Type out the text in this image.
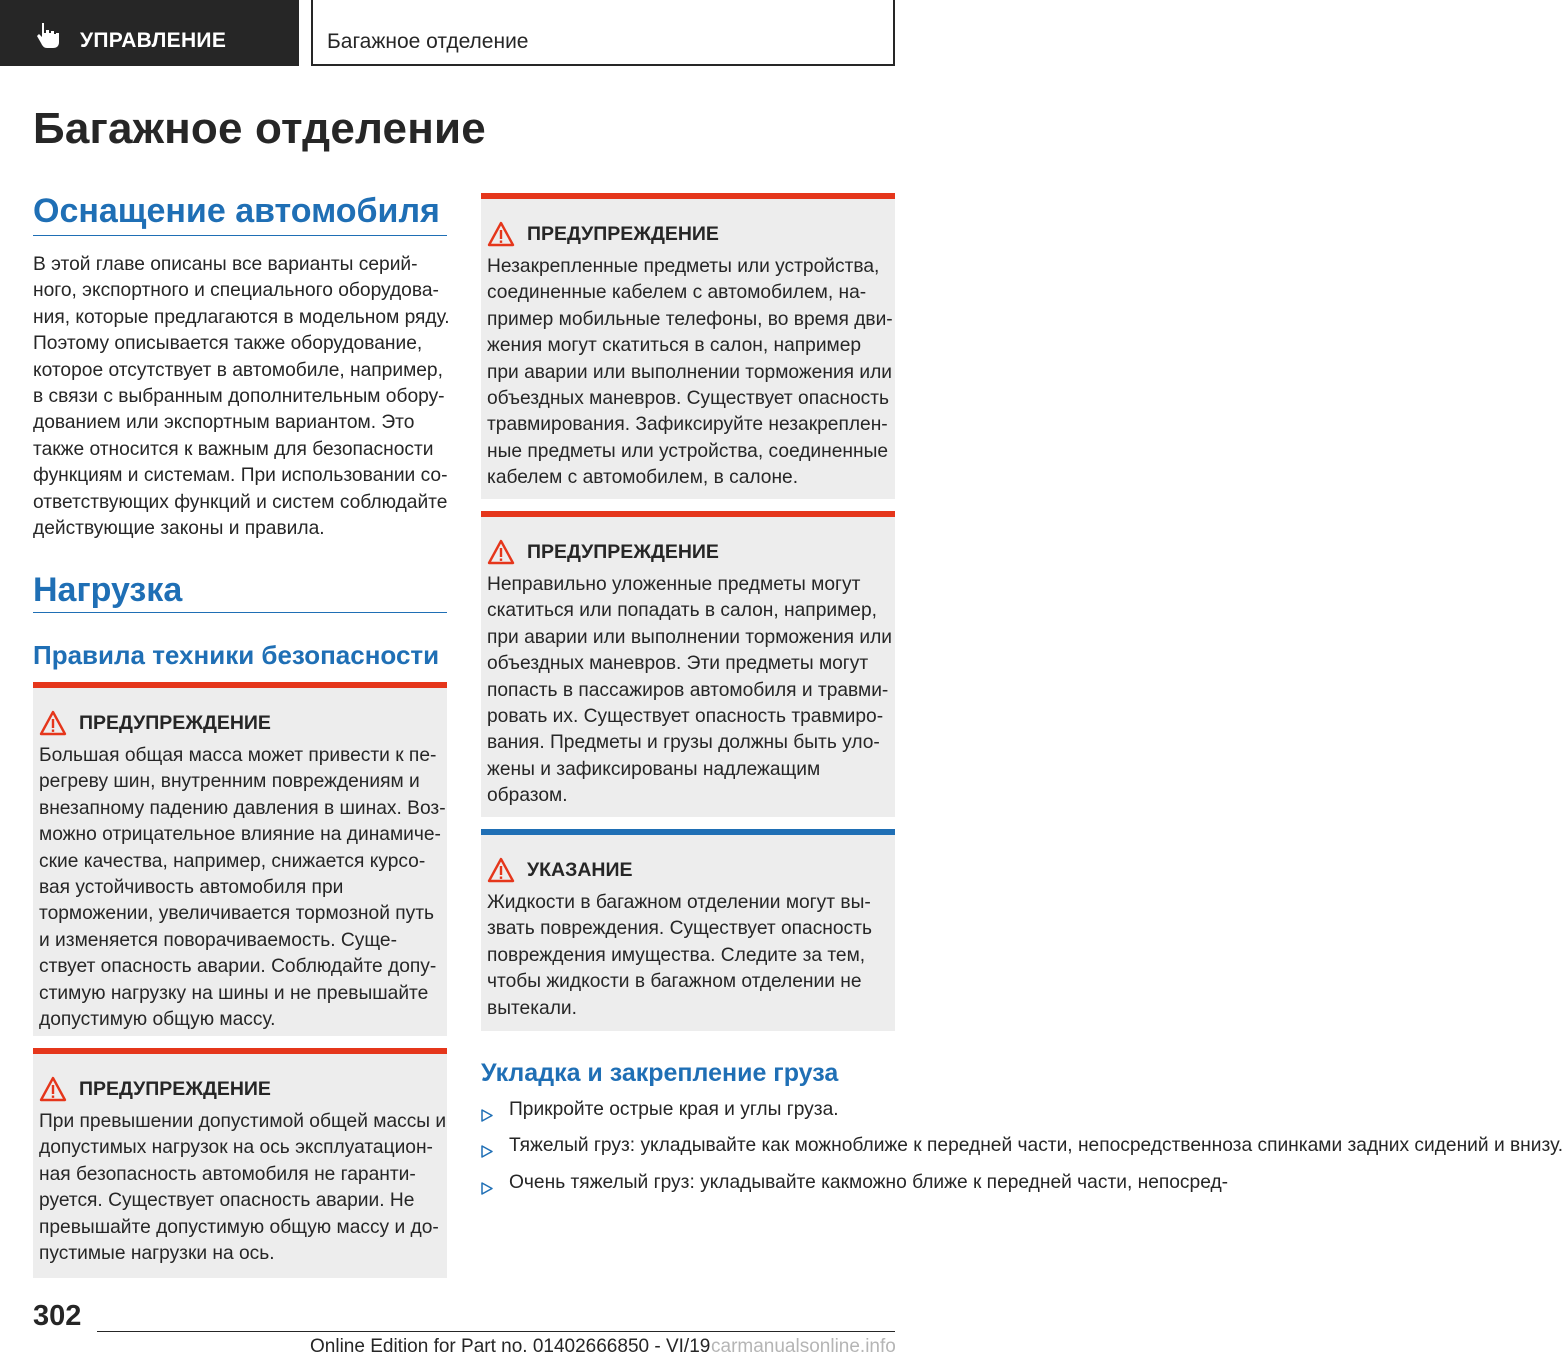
УПРАВЛЕНИЕ	Багажное отделение
Багажное отделение
Оснащение автомобиля
В этой главе описаны все варианты серий-
ного, экспортного и специального оборудова-
ния, которые предлагаются в модельном ряду.
Поэтому описывается также оборудование,
которое отсутствует в автомобиле, например,
в связи с выбранным дополнительным обору-
дованием или экспортным вариантом. Это
также относится к важным для безопасности
функциям и системам. При использовании со-
ответствующих функций и систем соблюдайте
действующие законы и правила.
Нагрузка
Правила техники безопасности
ПРЕДУПРЕЖДЕНИЕ
Большая общая масса может привести к пе-
регреву шин, внутренним повреждениям и
внезапному падению давления в шинах. Воз-
можно отрицательное влияние на динамиче-
ские качества, например, снижается курсо-
вая устойчивость автомобиля при
торможении, увеличивается тормозной путь
и изменяется поворачиваемость. Суще-
ствует опасность аварии. Соблюдайте допу-
стимую нагрузку на шины и не превышайте
допустимую общую массу.
ПРЕДУПРЕЖДЕНИЕ
При превышении допустимой общей массы и
допустимых нагрузок на ось эксплуатацион-
ная безопасность автомобиля не гаранти-
руется. Существует опасность аварии. Не
превышайте допустимую общую массу и до-
пустимые нагрузки на ось.
ПРЕДУПРЕЖДЕНИЕ
Незакрепленные предметы или устройства,
соединенные кабелем с автомобилем, на-
пример мобильные телефоны, во время дви-
жения могут скатиться в салон, например
при аварии или выполнении торможения или
объездных маневров. Существует опасность
травмирования. Зафиксируйте незакреплен-
ные предметы или устройства, соединенные
кабелем с автомобилем, в салоне.
ПРЕДУПРЕЖДЕНИЕ
Неправильно уложенные предметы могут
скатиться или попадать в салон, например,
при аварии или выполнении торможения или
объездных маневров. Эти предметы могут
попасть в пассажиров автомобиля и травми-
ровать их. Существует опасность травмиро-
вания. Предметы и грузы должны быть уло-
жены и зафиксированы надлежащим
образом.
УКАЗАНИЕ
Жидкости в багажном отделении могут вы-
звать повреждения. Существует опасность
повреждения имущества. Следите за тем,
чтобы жидкости в багажном отделении не
вытекали.
Укладка и закрепление груза
Прикройте острые края и углы груза.
Тяжелый груз: укладывайте как можноближе к передней части, непосредственноза спинками задних сидений и внизу.
Очень тяжелый груз: укладывайте какможно ближе к передней части, непосред-
302
Online Edition for Part no. 01402666850 - VI/19 carmanualsonline.info
